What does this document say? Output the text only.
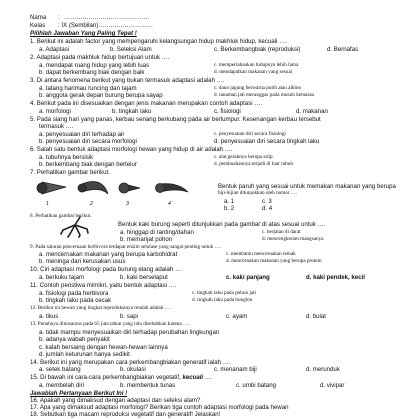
Nama : ……………………………………
Kelas : IX (Sembilan)………………………
Pilihlah Jawaban Yang Paling Tepat !
1. Berikut ini adalah factor yang mempengaruhi kelangsungan hidup makhluk hidup, kecuali ….
a. Adaptasi	b. Seleksi Alam	c. Berkembangbiak (reproduksi)	d. Bernafas
2. Adaptasi pada makhluk hidup bertujuan untuk ….
a. mendapat ruang hidup yang lebih luas	c. memperlahankan hidupnya lebih lama
b. dapat berkembang biak dengan baik	d. mendapatkan makanan yang sesuai
3. Di antara fenomena berikut yang bukan termasuk adaptasi adalah ….
a. tatang harimau runcing dan tajam	c. daun jagung berwarna putih atau albino
b. anggota gerak depan burung berupa sayap	d. tanaman jati meranggas pada musim kemarau
4. Berikut pada ini disesuaikan dengan jenis makanan merupakan contoh adaptasi ….
a. morfologi	b. tingkah laku	c. fisiologi	d. makanan
5. Pada siang hari yang panas, kerbau senang berkubang pada air berlumpur. Kesenangan kerbau tersebut
termasuk ….
a. penyesuaian diri terhadap air	c. penyesuaian diri secara fisiologi
b. penyesuaian diri secara morfologi	d. penyesuaian diri secara tingkah laku
6. Salah satu bentuk adaptasi morfologi hewan yang hidup di air adalah ….
a. tubuhnya bersisik	c. alat geraknya berupa sirip
b. berkembang biak dengan bertelur	d. pembuahannya terjadi di luar tubuh
7. Perhatikan gambar berikut.
1	2	3	4
Bentuk paruh yang sesuai untuk memakan makanan yang berupa
biji-bijian ditunjukkan oleh nomor ….
a. 1	c. 3
b. 2	d. 4
8. Perhatikan gambar berikut.
Bentuk kaki burung seperti ditunjukkan pada gambar di atas sesuai untuk ….
a. hinggap di ranting/dahan	c. berjalan di darat
b. memanjat pohon	d. mencengkeram mangsanya
9. Pada saluran pencernaan herbivora terdapat enzim selulase yang sangat penting untuk ….
a. mencernakan makanan yang berupa karbohidrat	c. membantu mencernakan lemak
b. meninga dari kerusakan usus	d. mencernakan makanan yang berupa protein
10. Ciri adaptasi morfologi pada burung elang adalah ….
a. berkuku tajam	b. kaki berselaput	c. kaki panjang	d. kaki pendek, kecil
11. Contoh peristiwa mimikri, yaitu bentuk adaptasi ….
a. fisiologi pada herbivora	c. tingkah laku pada pohon jati
b. tingkah laku pada cecak	d. tingkah laku pada bunglon
12. Berikut ini hewan yang tingkat reproduksinya rendah adalah ….
a. tikus	b. sapi	c. ayam	d. bulat
13. Punahnya dinosaurus pada 65 juta tahun yang lalu disebabkan karena ….
a. tidak mampu menyesuaikan diri terhadap perubahan lingkungan
b. adanya wabah penyakit
c. kalah bersaing dengan hewan-hewan lainnya
d. jumlah keturunan hanya sedikit
14. Berikut ini yang merupakan cara perkembangbiakan generatif ialah ….
a. setek batang	b. okulasi	c. menanam biji	d. merunduk
15. Di bawah ini cara-cara perkembangbiakan vegetatif, kecuali ….
a. membelah diri	b. membentuk tunas	c. umbi batang	d. vivipar
Jawablah Pertanyaan Berikut Ini !
16. Apakah yang dimaksud dengan adaptasi dan seleksi alam?
17. Apa yang dimaksud adaptasi morfologi? Berikan tiga contoh adaptasi morfologi pada hewan
18. Sebutkan tiga macam reproduksi vegetatif dan generatif! Jelaskan!
